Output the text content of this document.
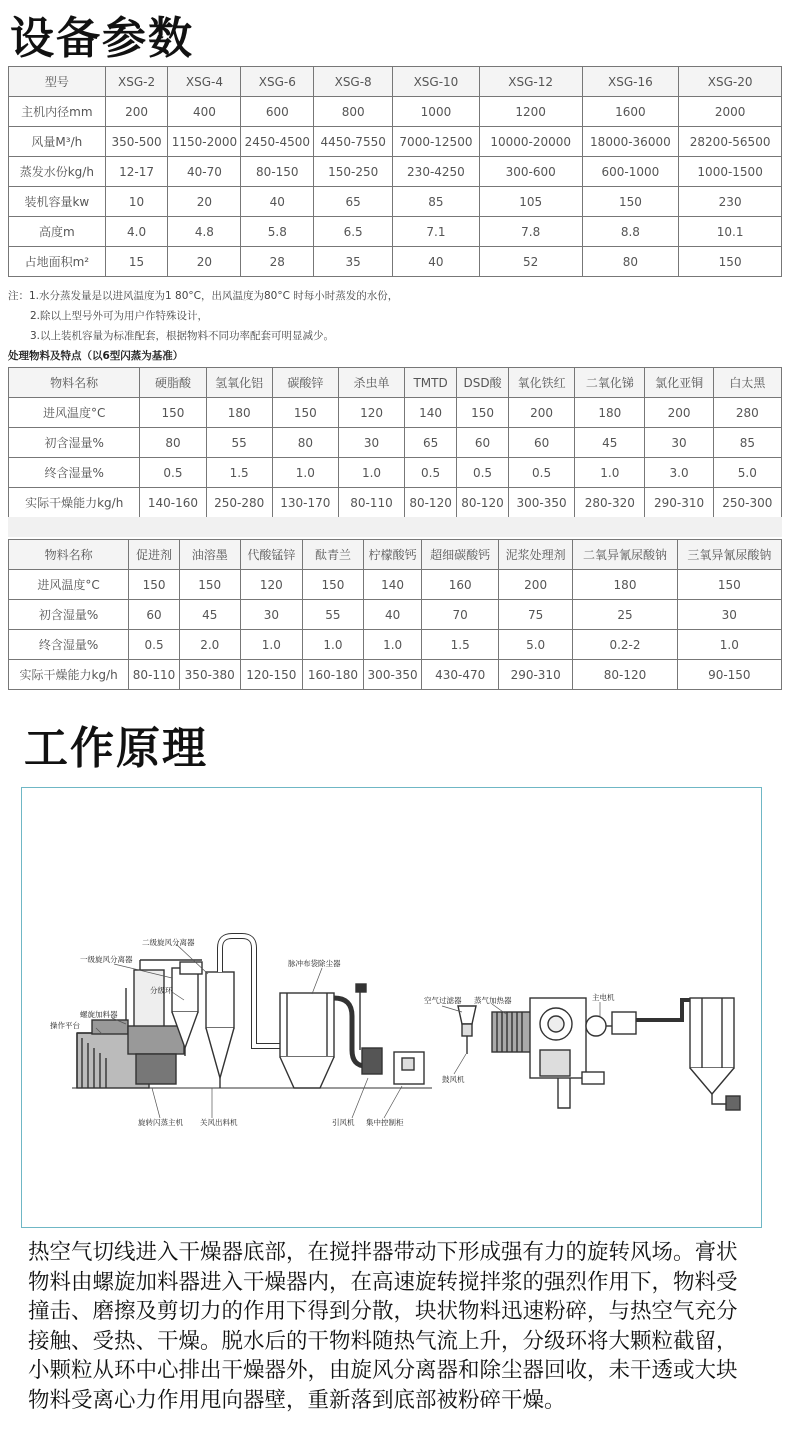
设备参数
型号	XSG-2	XSG-4	XSG-6	XSG-8	XSG-10	XSG-12	XSG-16	XSG-20
主机内径mm	200	400	600	800	1000	1200	1600	2000
风量M³/h	350-500	1150-2000	2450-4500	4450-7550	7000-12500	10000-20000	18000-36000	28200-56500
蒸发水份kg/h	12-17	40-70	80-150	150-250	230-4250	300-600	600-1000	1000-1500
装机容量kw	10	20	40	65	85	105	150	230
高度m	4.0	4.8	5.8	6.5	7.1	7.8	8.8	10.1
占地面积m²	15	20	28	35	40	52	80	150
注：1.水分蒸发量是以进风温度为1 80°C，出风温度为80°C 时每小时蒸发的水份，
2.除以上型号外可为用户作特殊设计，
3.以上装机容量为标准配套，根据物料不同功率配套可明显减少。
处理物料及特点（以6型闪蒸为基准）
物料名称	硬脂酸	氢氧化铝	碳酸锌	杀虫单	TMTD	DSD酸	氧化铁红	二氧化锑	氯化亚铜	白太黑
进风温度°C	150	180	150	120	140	150	200	180	200	280
初含湿量%	80	55	80	30	65	60	60	45	30	85
终含湿量%	0.5	1.5	1.0	1.0	0.5	0.5	0.5	1.0	3.0	5.0
实际干燥能力kg/h	140-160	250-280	130-170	80-110	80-120	80-120	300-350	280-320	290-310	250-300
物料名称	促进剂	油溶墨	代酸锰锌	酞青兰	柠檬酸钙	超细碳酸钙	泥浆处理剂	二氧异氰尿酸钠	三氧异氰尿酸钠
进风温度°C	150	150	120	150	140	160	200	180	150
初含湿量%	60	45	30	55	40	70	75	25	30
终含湿量%	0.5	2.0	1.0	1.0	1.0	1.5	5.0	0.2-2	1.0
实际干燥能力kg/h	80-110	350-380	120-150	160-180	300-350	430-470	290-310	80-120	90-150
工作原理
二级旋风分离器
一级旋风分离器
分级环
螺旋加料器
操作平台
脉冲布袋除尘器
旋转闪蒸主机 关风出料机	引风机 集中控制柜
空气过滤器 蒸气加热器	主电机
鼓风机
热空气切线进入干燥器底部，在搅拌器带动下形成强有力的旋转风场。膏状物料由螺旋加料器进入干燥器内，在高速旋转搅拌浆的强烈作用下，物料受撞击、磨擦及剪切力的作用下得到分散，块状物料迅速粉碎，与热空气充分接触、受热、干燥。脱水后的干物料随热气流上升，分级环将大颗粒截留，小颗粒从环中心排出干燥器外，由旋风分离器和除尘器回收，未干透或大块物料受离心力作用甩向器壁，重新落到底部被粉碎干燥。
